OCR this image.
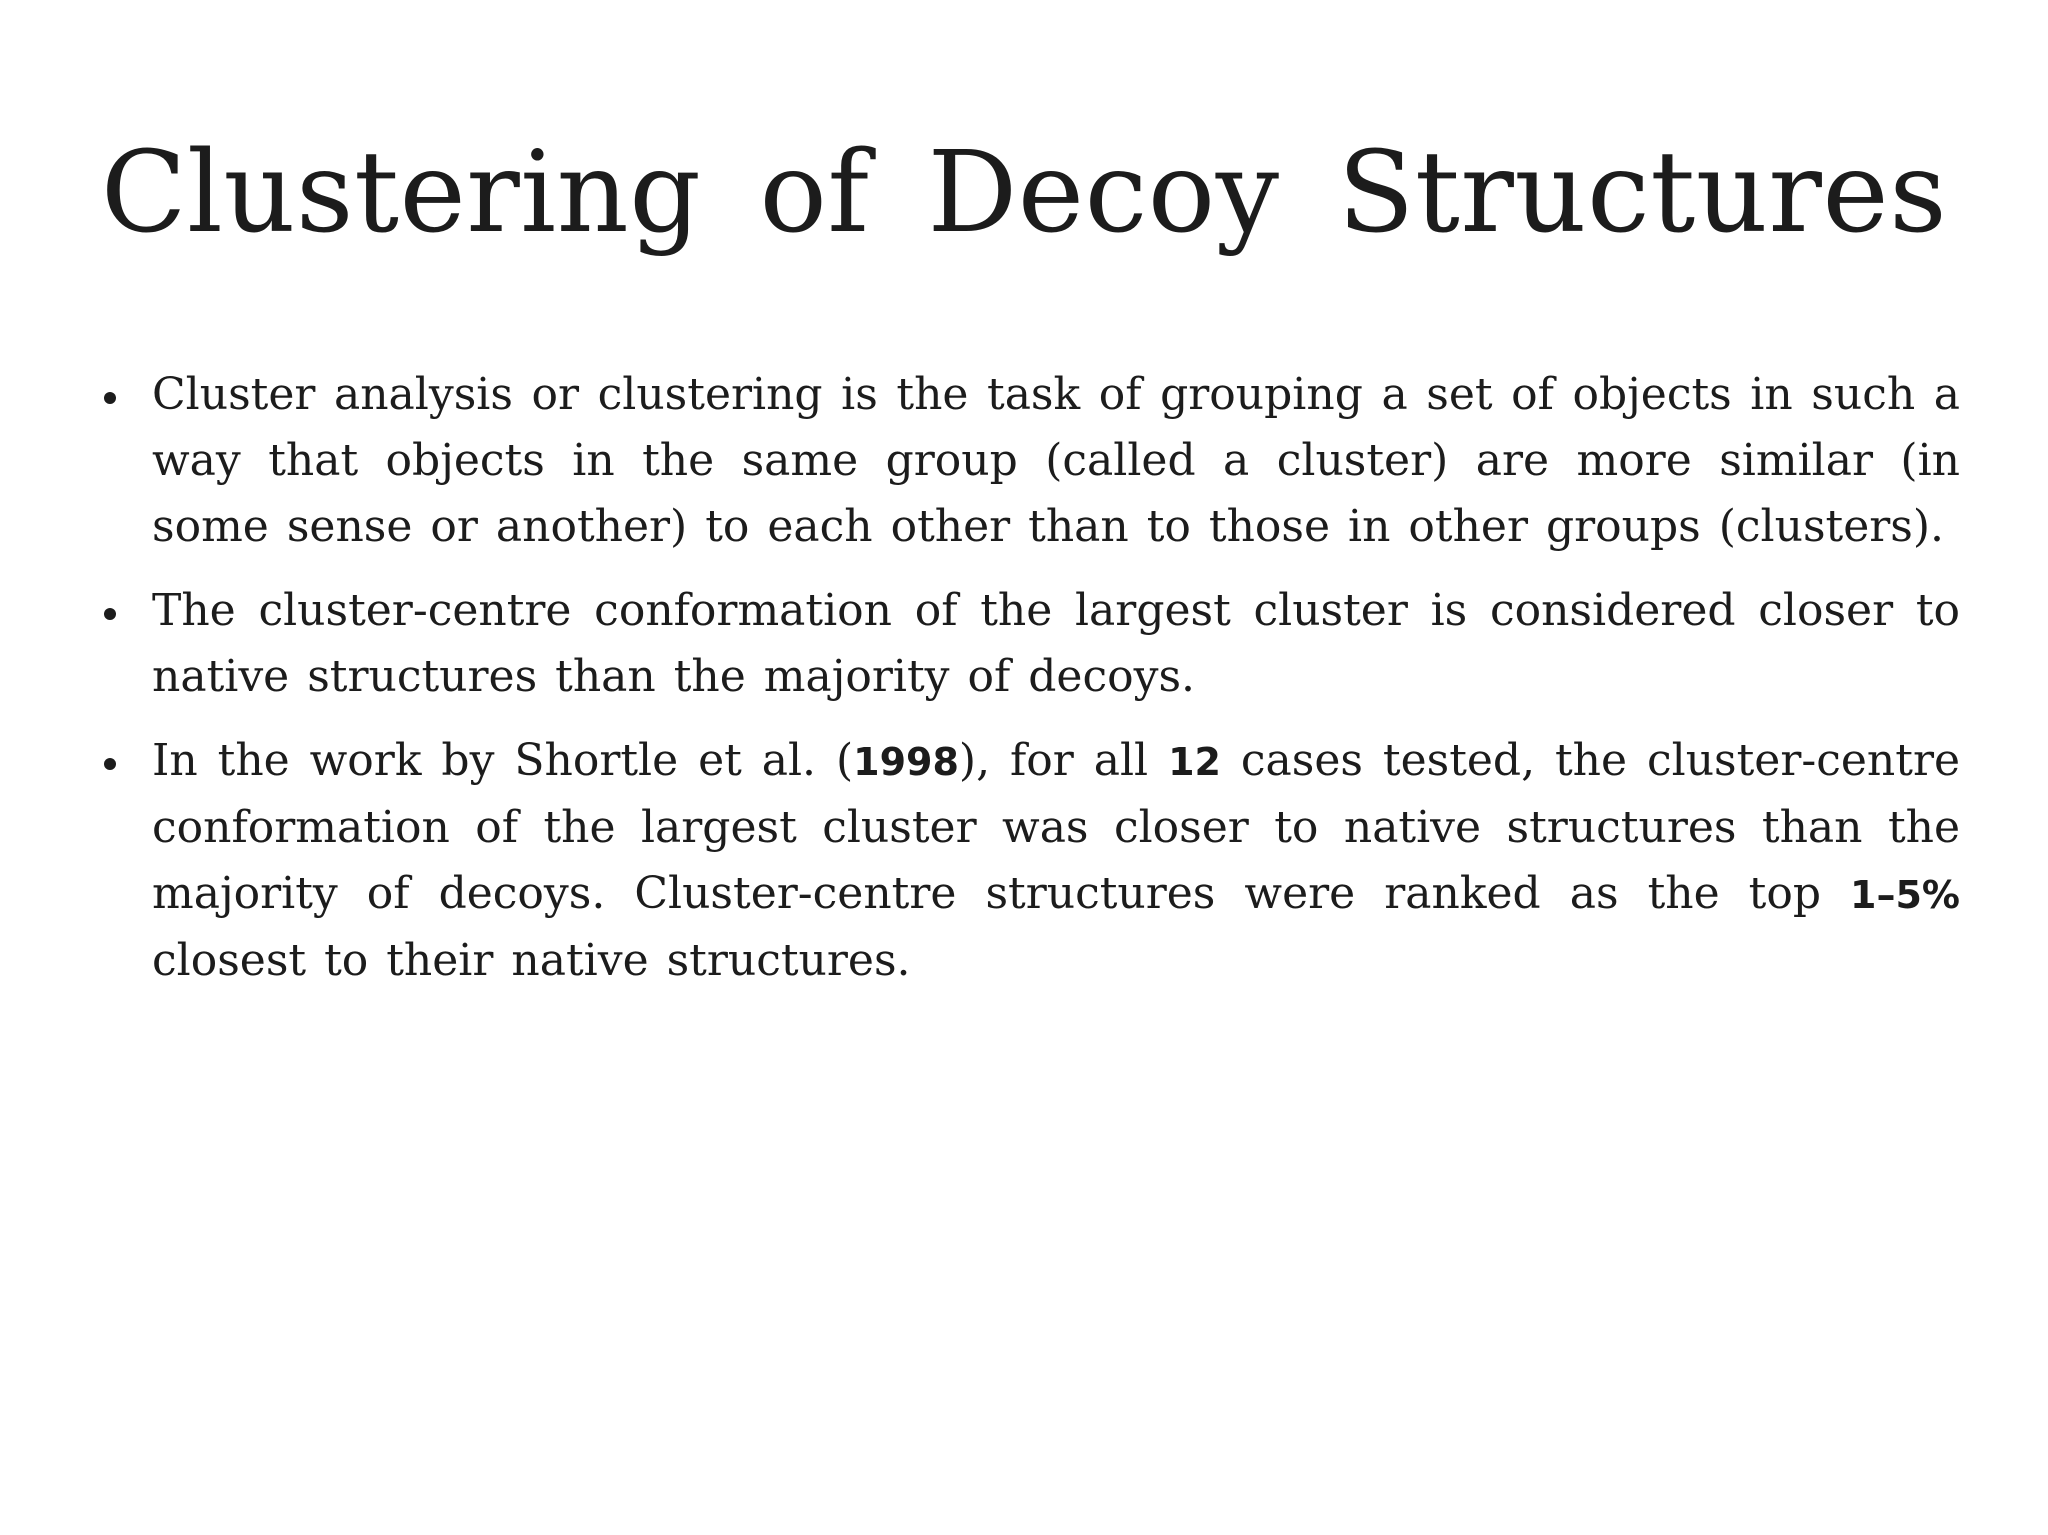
Clustering of Decoy Structures
Cluster analysis or clustering is the task of grouping a set of objects in such a way that objects in the same group (called a cluster) are more similar (in some sense or another) to each other than to those in other groups (clusters).
The cluster-centre conformation of the largest cluster is considered closer to native structures than the majority of decoys.
In the work by Shortle et al. (1998), for all 12 cases tested, the cluster-centre conformation of the largest cluster was closer to native structures than the majority of decoys. Cluster-centre structures were ranked as the top 1–5% closest to their native structures.
